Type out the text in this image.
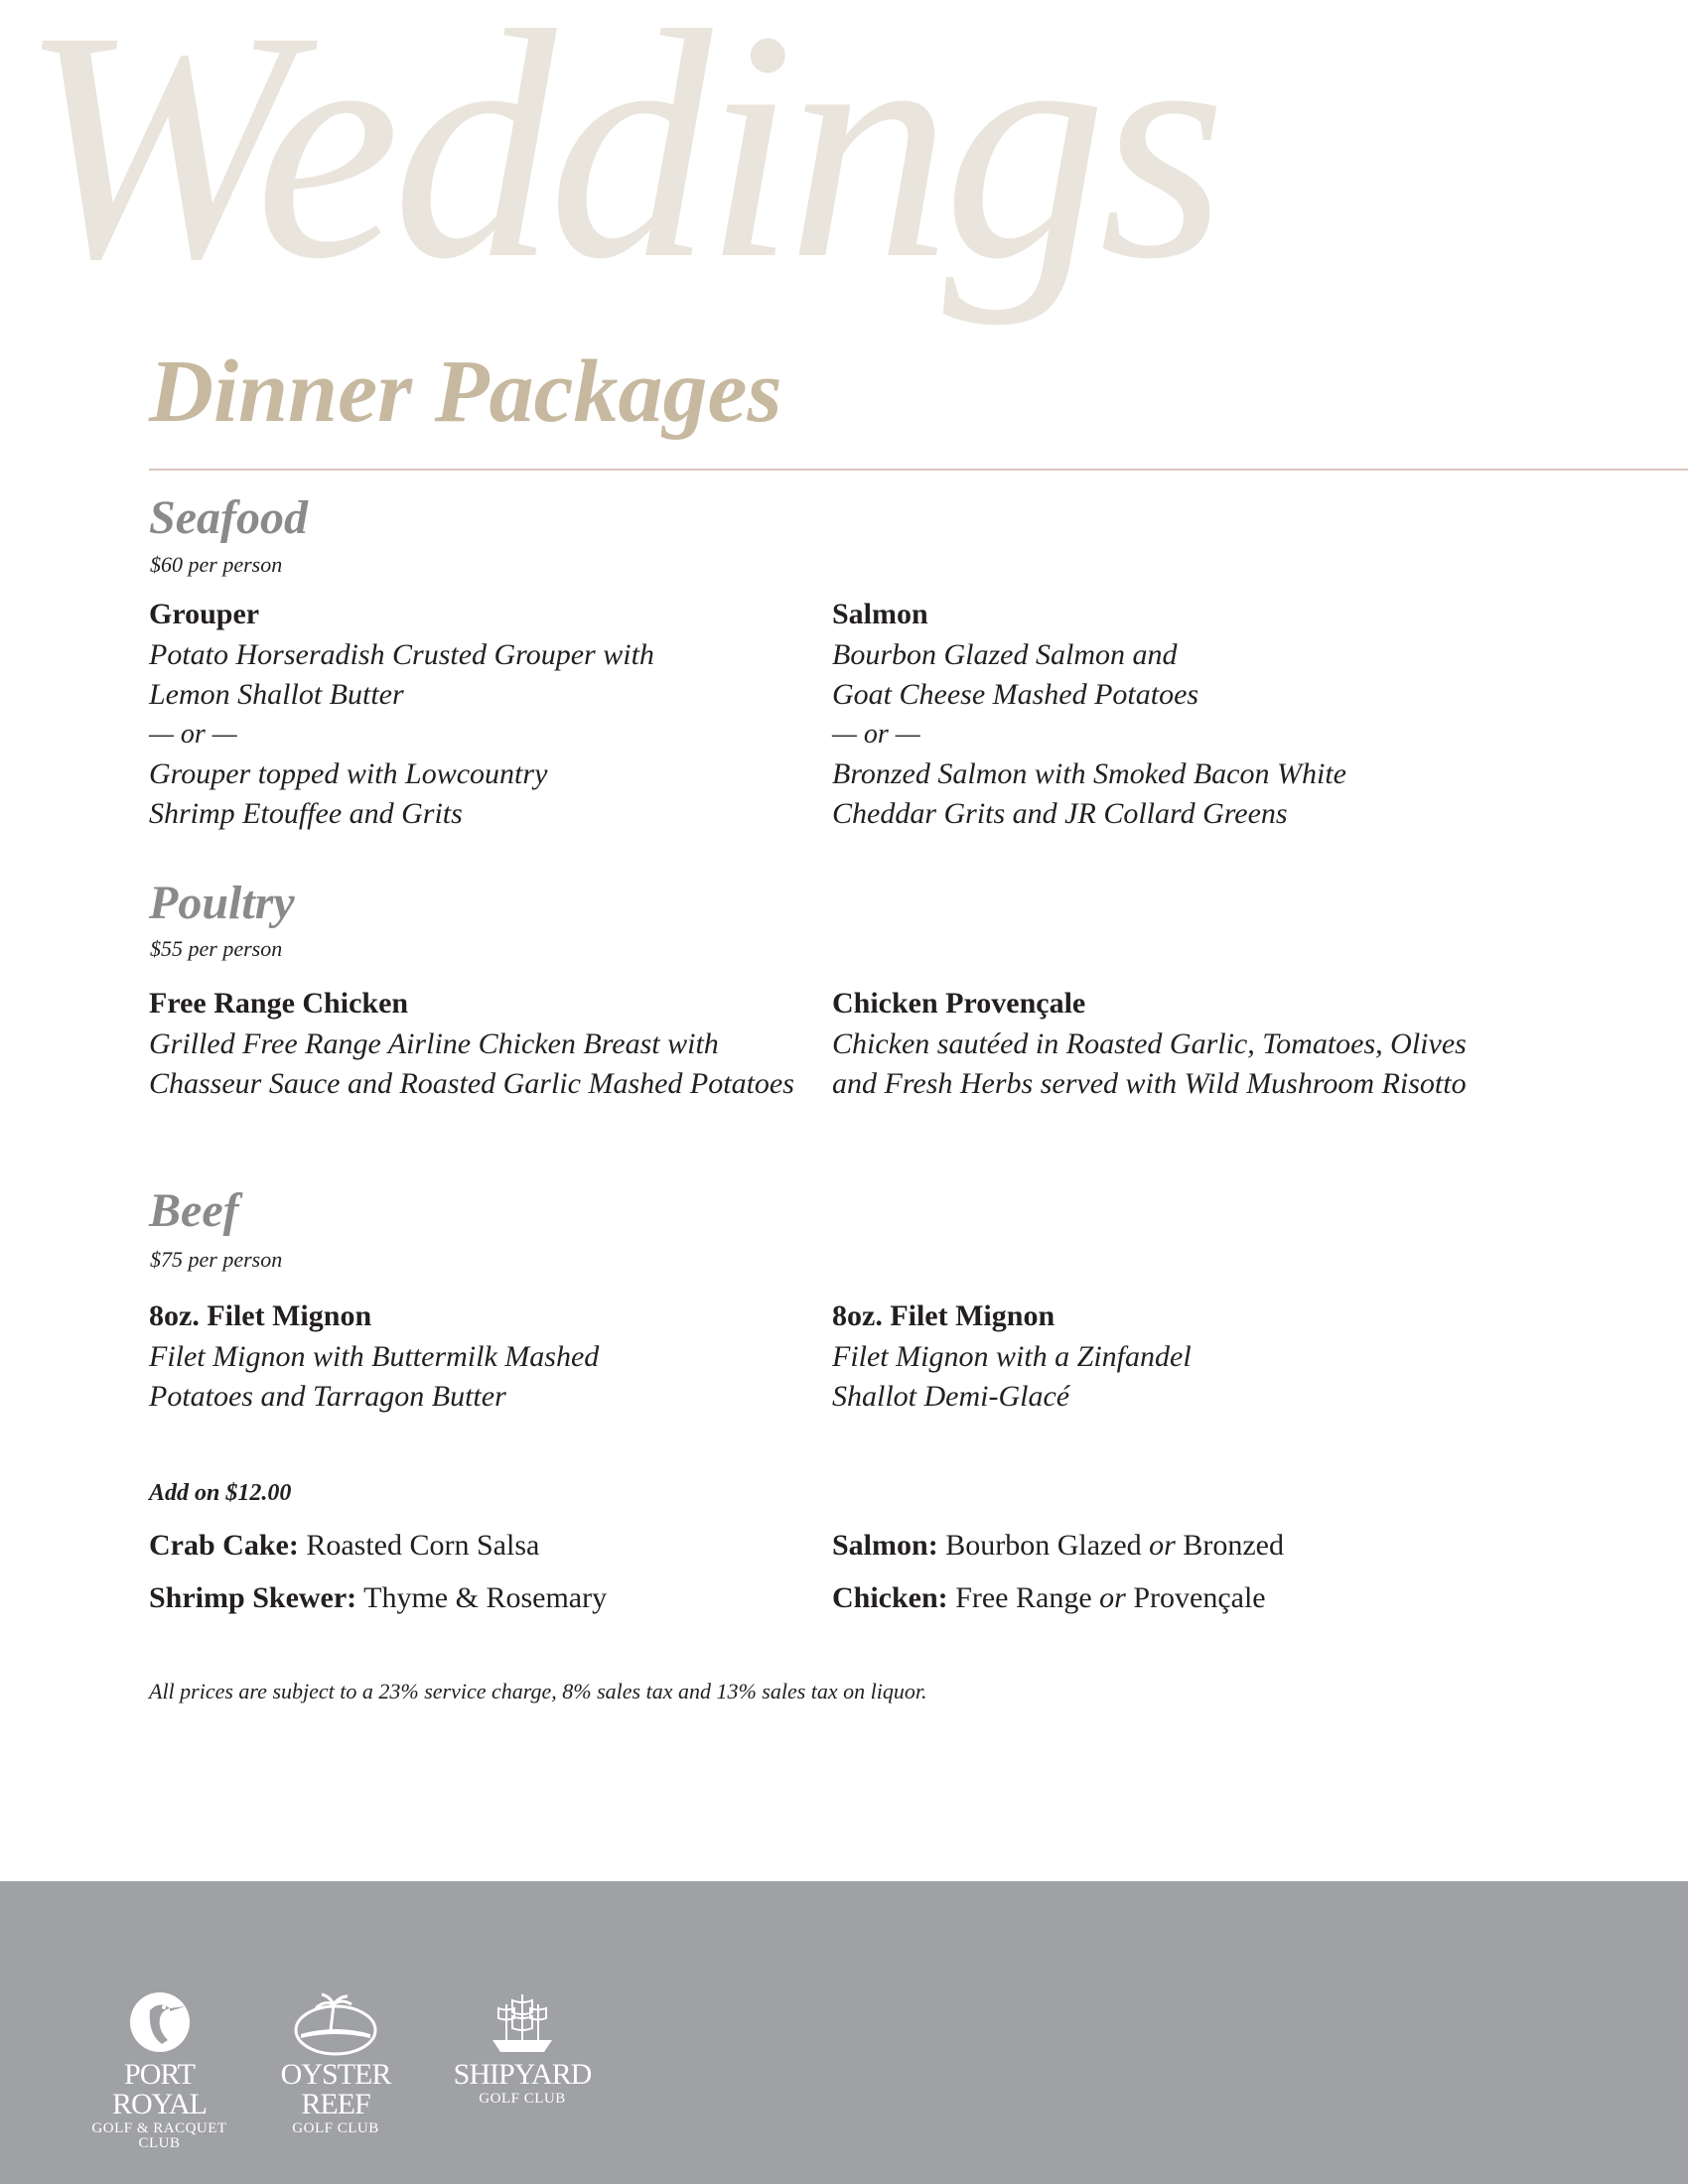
Weddings
Dinner Packages
Seafood
$60 per person
Grouper
Potato Horseradish Crusted Grouper with
Lemon Shallot Butter
— or —
Grouper topped with Lowcountry
Shrimp Etouffee and Grits
Salmon
Bourbon Glazed Salmon and
Goat Cheese Mashed Potatoes
— or —
Bronzed Salmon with Smoked Bacon White
Cheddar Grits and JR Collard Greens
Poultry
$55 per person
Free Range Chicken
Grilled Free Range Airline Chicken Breast with
Chasseur Sauce and Roasted Garlic Mashed Potatoes
Chicken Provençale
Chicken sautéed in Roasted Garlic, Tomatoes, Olives
and Fresh Herbs served with Wild Mushroom Risotto
Beef
$75 per person
8oz. Filet Mignon
Filet Mignon with Buttermilk Mashed
Potatoes and Tarragon Butter
8oz. Filet Mignon
Filet Mignon with a Zinfandel
Shallot Demi-Glacé
Add on $12.00
Crab Cake: Roasted Corn Salsa
Shrimp Skewer: Thyme & Rosemary
Salmon: Bourbon Glazed or Bronzed
Chicken: Free Range or Provençale
All prices are subject to a 23% service charge, 8% sales tax and 13% sales tax on liquor.
PORT ROYAL
GOLF & RACQUET CLUB
OYSTER REEF
GOLF CLUB
SHIPYARD
GOLF CLUB
